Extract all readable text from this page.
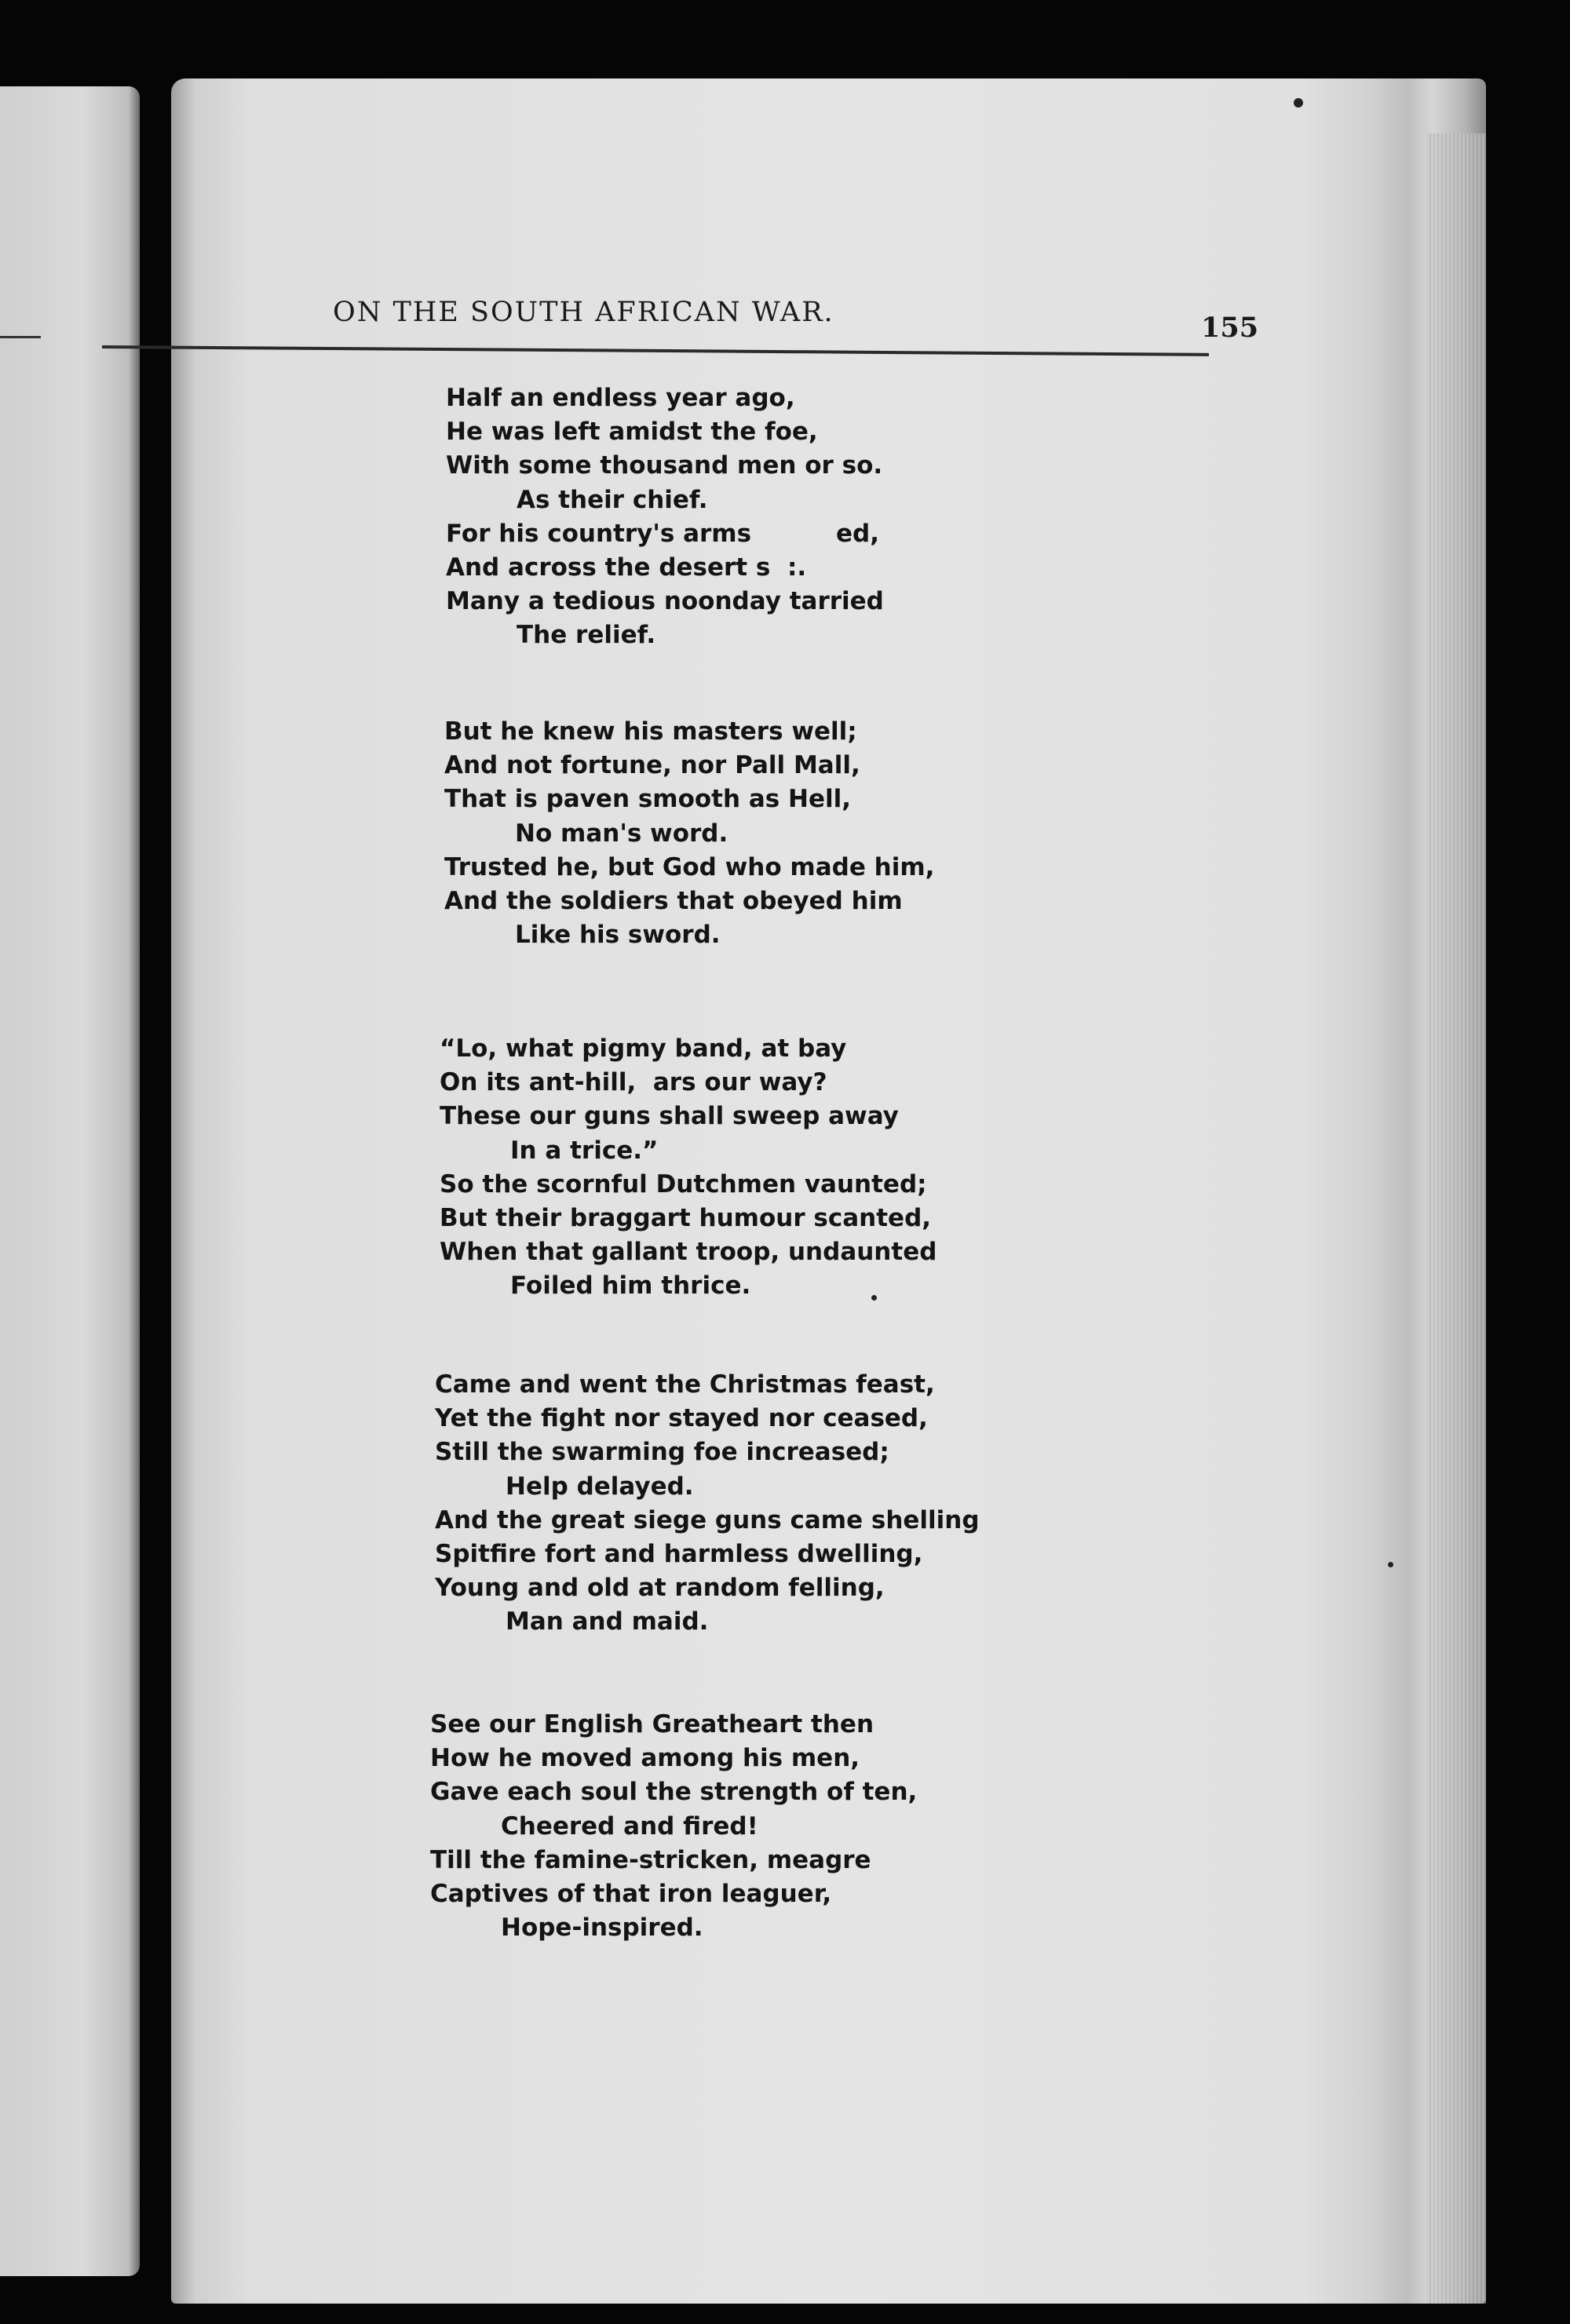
ON THE SOUTH AFRICAN WAR.	155
Half an endless year ago,
He was left amidst the foe,
With some thousand men or so.
As their chief.
For his country's arms          ed,
And across the desert s  :.
Many a tedious noonday tarried
The relief.
But he knew his masters well;
And not fortune, nor Pall Mall,
That is paven smooth as Hell,
No man's word.
Trusted he, but God who made him,
And the soldiers that obeyed him
Like his sword.
“Lo, what pigmy band, at bay
On its ant-hill,  ars our way?
These our guns shall sweep away
In a trice.”
So the scornful Dutchmen vaunted;
But their braggart humour scanted,
When that gallant troop, undaunted
Foiled him thrice.
Came and went the Christmas feast,
Yet the fight nor stayed nor ceased,
Still the swarming foe increased;
Help delayed.
And the great siege guns came shelling
Spitfire fort and harmless dwelling,
Young and old at random felling,
Man and maid.
See our English Greatheart then
How he moved among his men,
Gave each soul the strength of ten,
Cheered and fired!
Till the famine-stricken, meagre
Captives of that iron leaguer,
Hope-inspired.
